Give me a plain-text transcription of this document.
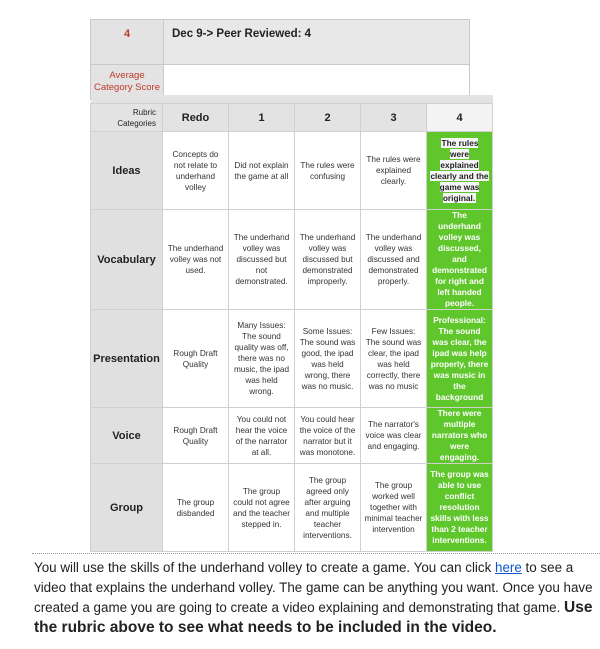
4	Dec 9-> Peer Reviewed: 4

Average
Category Score	

Rubric
Categories	Redo	1	2	3	4
Ideas	Concepts do not relate to underhand volley	Did not explain the game at all	The rules were confusing	The rules were explained clearly.	The rules were explained clearly and the game was original.
Vocabulary	The underhand volley was not used.	The underhand volley was discussed but not demonstrated.	The underhand volley was discussed but demonstrated improperly.	The underhand volley was discussed and demonstrated properly.	The underhand volley was discussed, and demonstrated for right and left handed people.
Presentation	Rough Draft Quality	Many Issues: The sound quality was off, there was no music, the ipad was held wrong.	Some Issues: The sound was good, the ipad was held wrong, there was no music.	Few Issues: The sound was clear, the ipad was held correctly, there was no music	Professional: The sound was clear, the ipad was help properly, there was music in the background
Voice	Rough Draft Quality	You could not hear the voice of the narrator at all.	You could hear the voice of the narrator but it was monotone.	The narrator's voice was clear and engaging.	There were multiple narrators who were engaging.
Group	The group disbanded	The group could not agree and the teacher stepped in.	The group agreed only after arguing and multiple teacher interventions.	The group worked well together with minimal teacher intervention	The group was able to use conflict resolution skills with less than 2 teacher interventions.
You will use the skills of the underhand volley to create a game. You can click here to see a video that explains the underhand volley. The game can be anything you want. Once you have created a game you are going to create a video explaining and demonstrating that game. Use the rubric above to see what needs to be included in the video.
